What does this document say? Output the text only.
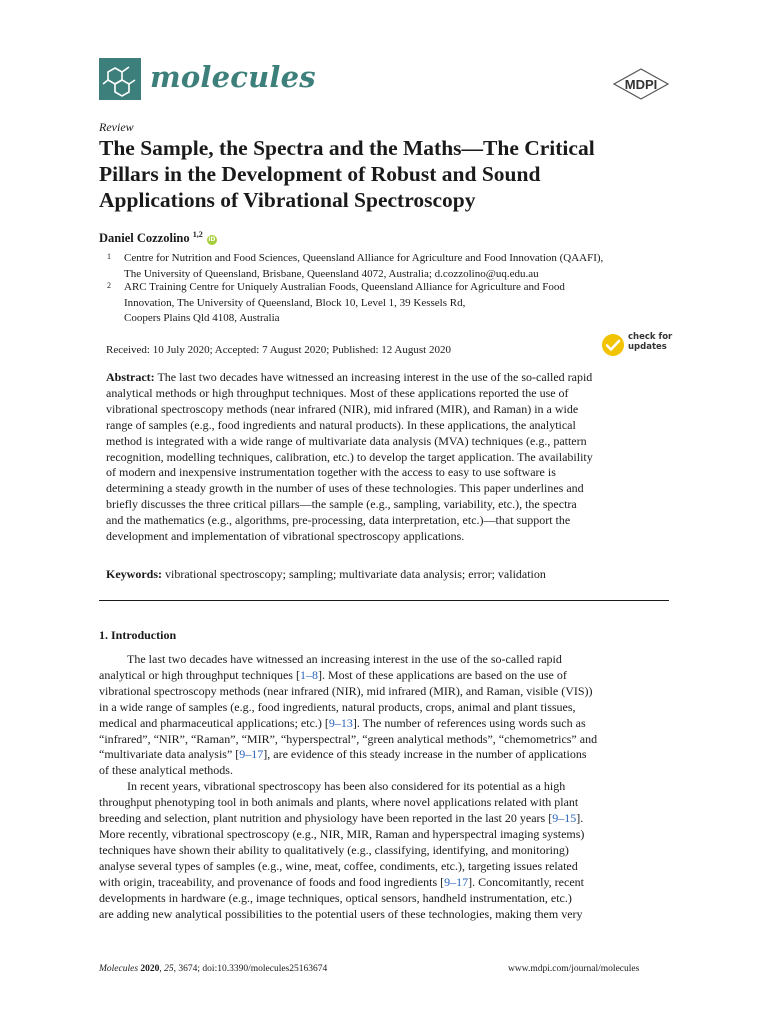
molecules	MDPI
Review
The Sample, the Spectra and the Maths—The Critical
Pillars in the Development of Robust and Sound
Applications of Vibrational Spectroscopy
Daniel Cozzolino $^{1,2}$ iD
1 Centre for Nutrition and Food Sciences, Queensland Alliance for Agriculture and Food Innovation (QAAFI),
The University of Queensland, Brisbane, Queensland 4072, Australia; d.cozzolino@uq.edu.au
2 ARC Training Centre for Uniquely Australian Foods, Queensland Alliance for Agriculture and Food
Innovation, The University of Queensland, Block 10, Level 1, 39 Kessels Rd,
Coopers Plains Qld 4108, Australia
Received: 10 July 2020; Accepted: 7 August 2020; Published: 12 August 2020
check for
updates
Abstract: The last two decades have witnessed an increasing interest in the use of the so-called rapid
analytical methods or high throughput techniques. Most of these applications reported the use of
vibrational spectroscopy methods (near infrared (NIR), mid infrared (MIR), and Raman) in a wide
range of samples (e.g., food ingredients and natural products). In these applications, the analytical
method is integrated with a wide range of multivariate data analysis (MVA) techniques (e.g., pattern
recognition, modelling techniques, calibration, etc.) to develop the target application. The availability
of modern and inexpensive instrumentation together with the access to easy to use software is
determining a steady growth in the number of uses of these technologies. This paper underlines and
briefly discusses the three critical pillars—the sample (e.g., sampling, variability, etc.), the spectra
and the mathematics (e.g., algorithms, pre-processing, data interpretation, etc.)—that support the
development and implementation of vibrational spectroscopy applications.
Keywords: vibrational spectroscopy; sampling; multivariate data analysis; error; validation
1. Introduction
The last two decades have witnessed an increasing interest in the use of the so-called rapid
analytical or high throughput techniques [1–8]. Most of these applications are based on the use of
vibrational spectroscopy methods (near infrared (NIR), mid infrared (MIR), and Raman, visible (VIS))
in a wide range of samples (e.g., food ingredients, natural products, crops, animal and plant tissues,
medical and pharmaceutical applications; etc.) [9–13]. The number of references using words such as
“infrared”, “NIR”, “Raman”, “MIR”, “hyperspectral”, “green analytical methods”, “chemometrics” and
“multivariate data analysis” [9–17], are evidence of this steady increase in the number of applications
of these analytical methods.
In recent years, vibrational spectroscopy has been also considered for its potential as a high
throughput phenotyping tool in both animals and plants, where novel applications related with plant
breeding and selection, plant nutrition and physiology have been reported in the last 20 years [9–15].
More recently, vibrational spectroscopy (e.g., NIR, MIR, Raman and hyperspectral imaging systems)
techniques have shown their ability to qualitatively (e.g., classifying, identifying, and monitoring)
analyse several types of samples (e.g., wine, meat, coffee, condiments, etc.), targeting issues related
with origin, traceability, and provenance of foods and food ingredients [9–17]. Concomitantly, recent
developments in hardware (e.g., image techniques, optical sensors, handheld instrumentation, etc.)
are adding new analytical possibilities to the potential users of these technologies, making them very
Molecules 2020, 25, 3674; doi:10.3390/molecules25163674	www.mdpi.com/journal/molecules
